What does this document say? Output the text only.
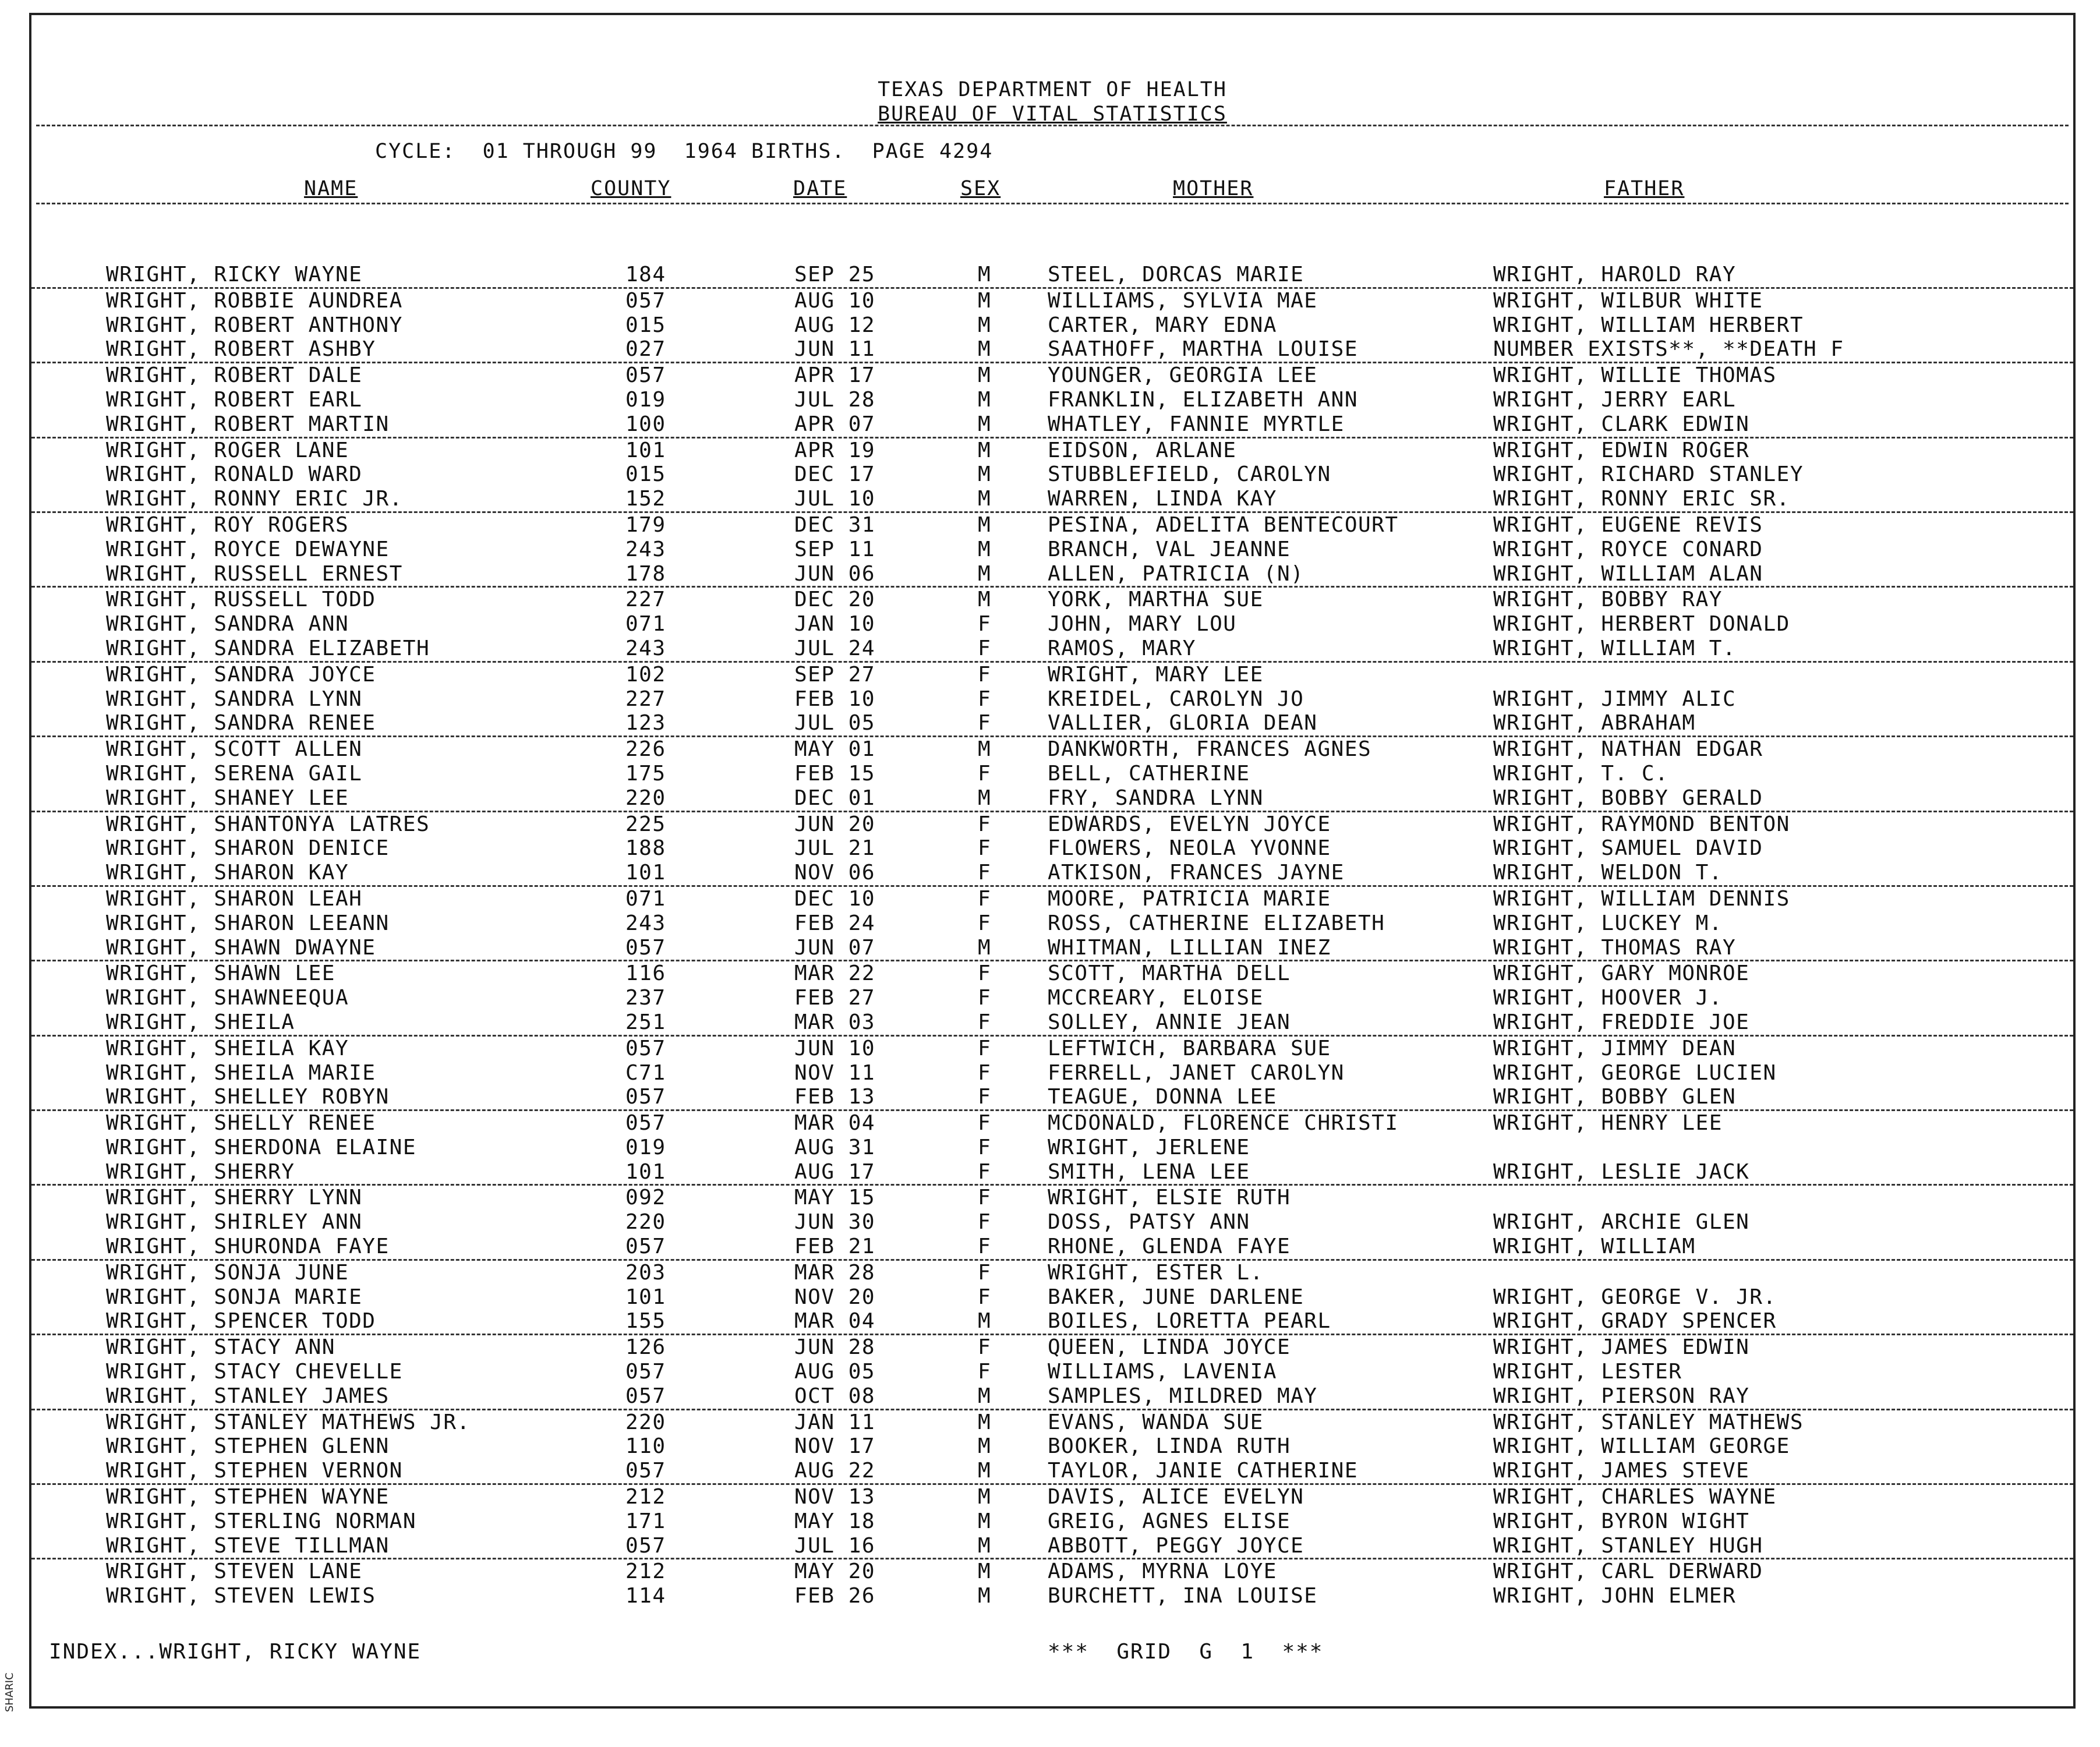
TEXAS DEPARTMENT OF HEALTH
BUREAU OF VITAL STATISTICS
CYCLE:  01 THROUGH 99  1964 BIRTHS.  PAGE 4294
NAME	COUNTY	DATE	SEX	MOTHER	FATHER
WRIGHT, RICKY WAYNE	184	SEP 25	M	STEEL, DORCAS MARIE	WRIGHT, HAROLD RAY
WRIGHT, ROBBIE AUNDREA	057	AUG 10	M	WILLIAMS, SYLVIA MAE	WRIGHT, WILBUR WHITE
WRIGHT, ROBERT ANTHONY	015	AUG 12	M	CARTER, MARY EDNA	WRIGHT, WILLIAM HERBERT
WRIGHT, ROBERT ASHBY	027	JUN 11	M	SAATHOFF, MARTHA LOUISE	NUMBER EXISTS**, **DEATH F
WRIGHT, ROBERT DALE	057	APR 17	M	YOUNGER, GEORGIA LEE	WRIGHT, WILLIE THOMAS
WRIGHT, ROBERT EARL	019	JUL 28	M	FRANKLIN, ELIZABETH ANN	WRIGHT, JERRY EARL
WRIGHT, ROBERT MARTIN	100	APR 07	M	WHATLEY, FANNIE MYRTLE	WRIGHT, CLARK EDWIN
WRIGHT, ROGER LANE	101	APR 19	M	EIDSON, ARLANE	WRIGHT, EDWIN ROGER
WRIGHT, RONALD WARD	015	DEC 17	M	STUBBLEFIELD, CAROLYN	WRIGHT, RICHARD STANLEY
WRIGHT, RONNY ERIC JR.	152	JUL 10	M	WARREN, LINDA KAY	WRIGHT, RONNY ERIC SR.
WRIGHT, ROY ROGERS	179	DEC 31	M	PESINA, ADELITA BENTECOURT	WRIGHT, EUGENE REVIS
WRIGHT, ROYCE DEWAYNE	243	SEP 11	M	BRANCH, VAL JEANNE	WRIGHT, ROYCE CONARD
WRIGHT, RUSSELL ERNEST	178	JUN 06	M	ALLEN, PATRICIA (N)	WRIGHT, WILLIAM ALAN
WRIGHT, RUSSELL TODD	227	DEC 20	M	YORK, MARTHA SUE	WRIGHT, BOBBY RAY
WRIGHT, SANDRA ANN	071	JAN 10	F	JOHN, MARY LOU	WRIGHT, HERBERT DONALD
WRIGHT, SANDRA ELIZABETH	243	JUL 24	F	RAMOS, MARY	WRIGHT, WILLIAM T.
WRIGHT, SANDRA JOYCE	102	SEP 27	F	WRIGHT, MARY LEE
WRIGHT, SANDRA LYNN	227	FEB 10	F	KREIDEL, CAROLYN JO	WRIGHT, JIMMY ALIC
WRIGHT, SANDRA RENEE	123	JUL 05	F	VALLIER, GLORIA DEAN	WRIGHT, ABRAHAM
WRIGHT, SCOTT ALLEN	226	MAY 01	M	DANKWORTH, FRANCES AGNES	WRIGHT, NATHAN EDGAR
WRIGHT, SERENA GAIL	175	FEB 15	F	BELL, CATHERINE	WRIGHT, T. C.
WRIGHT, SHANEY LEE	220	DEC 01	M	FRY, SANDRA LYNN	WRIGHT, BOBBY GERALD
WRIGHT, SHANTONYA LATRES	225	JUN 20	F	EDWARDS, EVELYN JOYCE	WRIGHT, RAYMOND BENTON
WRIGHT, SHARON DENICE	188	JUL 21	F	FLOWERS, NEOLA YVONNE	WRIGHT, SAMUEL DAVID
WRIGHT, SHARON KAY	101	NOV 06	F	ATKISON, FRANCES JAYNE	WRIGHT, WELDON T.
WRIGHT, SHARON LEAH	071	DEC 10	F	MOORE, PATRICIA MARIE	WRIGHT, WILLIAM DENNIS
WRIGHT, SHARON LEEANN	243	FEB 24	F	ROSS, CATHERINE ELIZABETH	WRIGHT, LUCKEY M.
WRIGHT, SHAWN DWAYNE	057	JUN 07	M	WHITMAN, LILLIAN INEZ	WRIGHT, THOMAS RAY
WRIGHT, SHAWN LEE	116	MAR 22	F	SCOTT, MARTHA DELL	WRIGHT, GARY MONROE
WRIGHT, SHAWNEEQUA	237	FEB 27	F	MCCREARY, ELOISE	WRIGHT, HOOVER J.
WRIGHT, SHEILA	251	MAR 03	F	SOLLEY, ANNIE JEAN	WRIGHT, FREDDIE JOE
WRIGHT, SHEILA KAY	057	JUN 10	F	LEFTWICH, BARBARA SUE	WRIGHT, JIMMY DEAN
WRIGHT, SHEILA MARIE	C71	NOV 11	F	FERRELL, JANET CAROLYN	WRIGHT, GEORGE LUCIEN
WRIGHT, SHELLEY ROBYN	057	FEB 13	F	TEAGUE, DONNA LEE	WRIGHT, BOBBY GLEN
WRIGHT, SHELLY RENEE	057	MAR 04	F	MCDONALD, FLORENCE CHRISTI	WRIGHT, HENRY LEE
WRIGHT, SHERDONA ELAINE	019	AUG 31	F	WRIGHT, JERLENE
WRIGHT, SHERRY	101	AUG 17	F	SMITH, LENA LEE	WRIGHT, LESLIE JACK
WRIGHT, SHERRY LYNN	092	MAY 15	F	WRIGHT, ELSIE RUTH
WRIGHT, SHIRLEY ANN	220	JUN 30	F	DOSS, PATSY ANN	WRIGHT, ARCHIE GLEN
WRIGHT, SHURONDA FAYE	057	FEB 21	F	RHONE, GLENDA FAYE	WRIGHT, WILLIAM
WRIGHT, SONJA JUNE	203	MAR 28	F	WRIGHT, ESTER L.
WRIGHT, SONJA MARIE	101	NOV 20	F	BAKER, JUNE DARLENE	WRIGHT, GEORGE V. JR.
WRIGHT, SPENCER TODD	155	MAR 04	M	BOILES, LORETTA PEARL	WRIGHT, GRADY SPENCER
WRIGHT, STACY ANN	126	JUN 28	F	QUEEN, LINDA JOYCE	WRIGHT, JAMES EDWIN
WRIGHT, STACY CHEVELLE	057	AUG 05	F	WILLIAMS, LAVENIA	WRIGHT, LESTER
WRIGHT, STANLEY JAMES	057	OCT 08	M	SAMPLES, MILDRED MAY	WRIGHT, PIERSON RAY
WRIGHT, STANLEY MATHEWS JR.	220	JAN 11	M	EVANS, WANDA SUE	WRIGHT, STANLEY MATHEWS
WRIGHT, STEPHEN GLENN	110	NOV 17	M	BOOKER, LINDA RUTH	WRIGHT, WILLIAM GEORGE
WRIGHT, STEPHEN VERNON	057	AUG 22	M	TAYLOR, JANIE CATHERINE	WRIGHT, JAMES STEVE
WRIGHT, STEPHEN WAYNE	212	NOV 13	M	DAVIS, ALICE EVELYN	WRIGHT, CHARLES WAYNE
WRIGHT, STERLING NORMAN	171	MAY 18	M	GREIG, AGNES ELISE	WRIGHT, BYRON WIGHT
WRIGHT, STEVE TILLMAN	057	JUL 16	M	ABBOTT, PEGGY JOYCE	WRIGHT, STANLEY HUGH
WRIGHT, STEVEN LANE	212	MAY 20	M	ADAMS, MYRNA LOYE	WRIGHT, CARL DERWARD
WRIGHT, STEVEN LEWIS	114	FEB 26	M	BURCHETT, INA LOUISE	WRIGHT, JOHN ELMER
INDEX...WRIGHT, RICKY WAYNE	***  GRID  G  1  ***
SHARIC
